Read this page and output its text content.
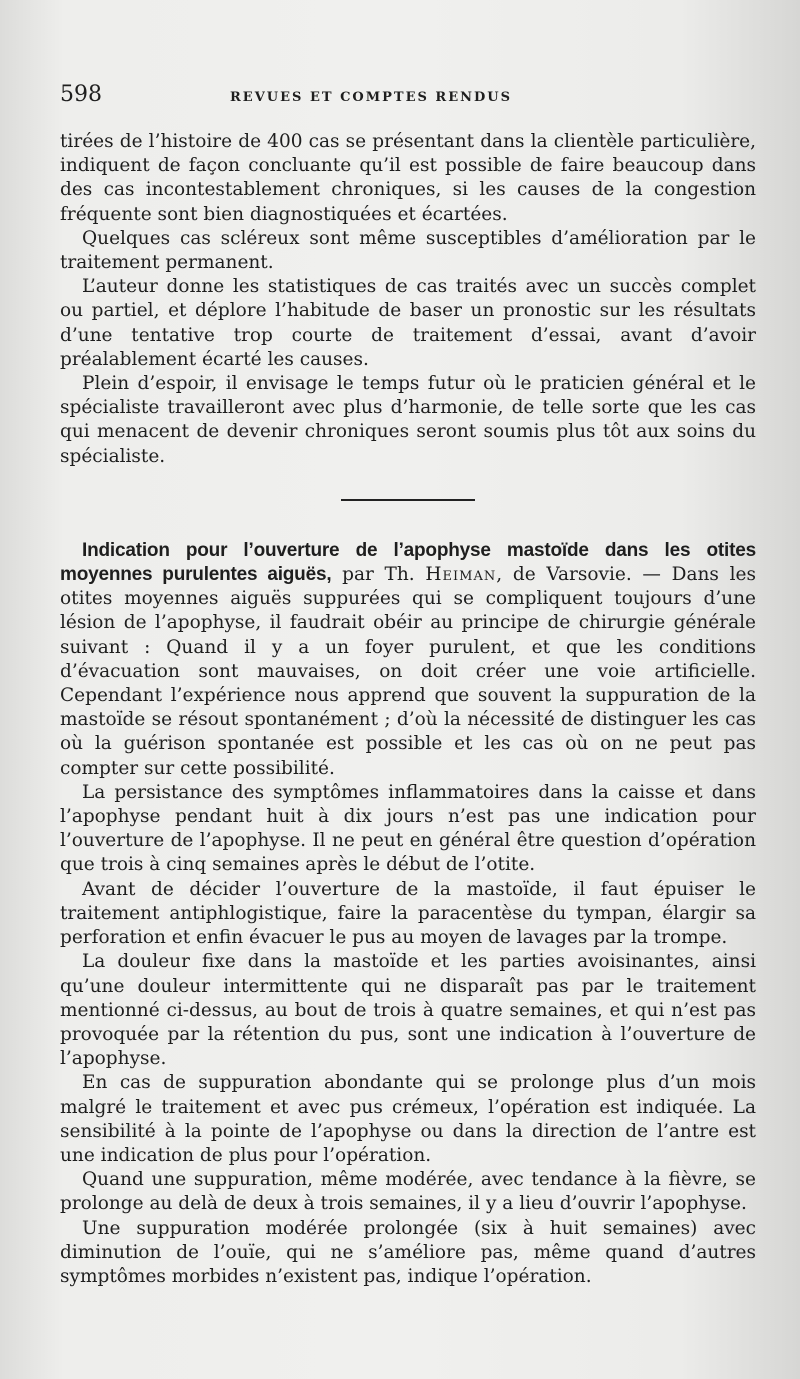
598	REVUES ET COMPTES RENDUS

tirées de l’histoire de 400 cas se présentant dans la clientèle particulière, indiquent de façon concluante qu’il est possible de faire beaucoup dans des cas incontestablement chroniques, si les causes de la congestion fréquente sont bien diagnostiquées et écartées.

Quelques cas scléreux sont même susceptibles d’amélioration par le traitement permanent.

L’auteur donne les statistiques de cas traités avec un succès complet ou partiel, et déplore l’habitude de baser un pronostic sur les résultats d’une tentative trop courte de traitement d’essai, avant d’avoir préalablement écarté les causes.

Plein d’espoir, il envisage le temps futur où le praticien général et le spécialiste travailleront avec plus d’harmonie, de telle sorte que les cas qui menacent de devenir chroniques seront soumis plus tôt aux soins du spécialiste.

Indication pour l’ouverture de l’apophyse mastoïde dans les otites moyennes purulentes aiguës, par Th. Heiman, de Varsovie. — Dans les otites moyennes aiguës suppurées qui se compliquent toujours d’une lésion de l’apophyse, il faudrait obéir au principe de chirurgie générale suivant : Quand il y a un foyer purulent, et que les conditions d’évacuation sont mauvaises, on doit créer une voie artificielle. Cependant l’expérience nous apprend que souvent la suppuration de la mastoïde se résout spontanément ; d’où la nécessité de distinguer les cas où la guérison spontanée est possible et les cas où on ne peut pas compter sur cette possibilité.

La persistance des symptômes inflammatoires dans la caisse et dans l’apophyse pendant huit à dix jours n’est pas une indication pour l’ouverture de l’apophyse. Il ne peut en général être question d’opération que trois à cinq semaines après le début de l’otite.

Avant de décider l’ouverture de la mastoïde, il faut épuiser le traitement antiphlogistique, faire la paracentèse du tympan, élargir sa perforation et enfin évacuer le pus au moyen de lavages par la trompe.

La douleur fixe dans la mastoïde et les parties avoisinantes, ainsi qu’une douleur intermittente qui ne disparaît pas par le traitement mentionné ci-dessus, au bout de trois à quatre semaines, et qui n’est pas provoquée par la rétention du pus, sont une indication à l’ouverture de l’apophyse.

En cas de suppuration abondante qui se prolonge plus d’un mois malgré le traitement et avec pus crémeux, l’opération est indiquée. La sensibilité à la pointe de l’apophyse ou dans la direction de l’antre est une indication de plus pour l’opération.

Quand une suppuration, même modérée, avec tendance à la fièvre, se prolonge au delà de deux à trois semaines, il y a lieu d’ouvrir l’apophyse.

Une suppuration modérée prolongée (six à huit semaines) avec diminution de l’ouïe, qui ne s’améliore pas, même quand d’autres symptômes morbides n’existent pas, indique l’opération.
